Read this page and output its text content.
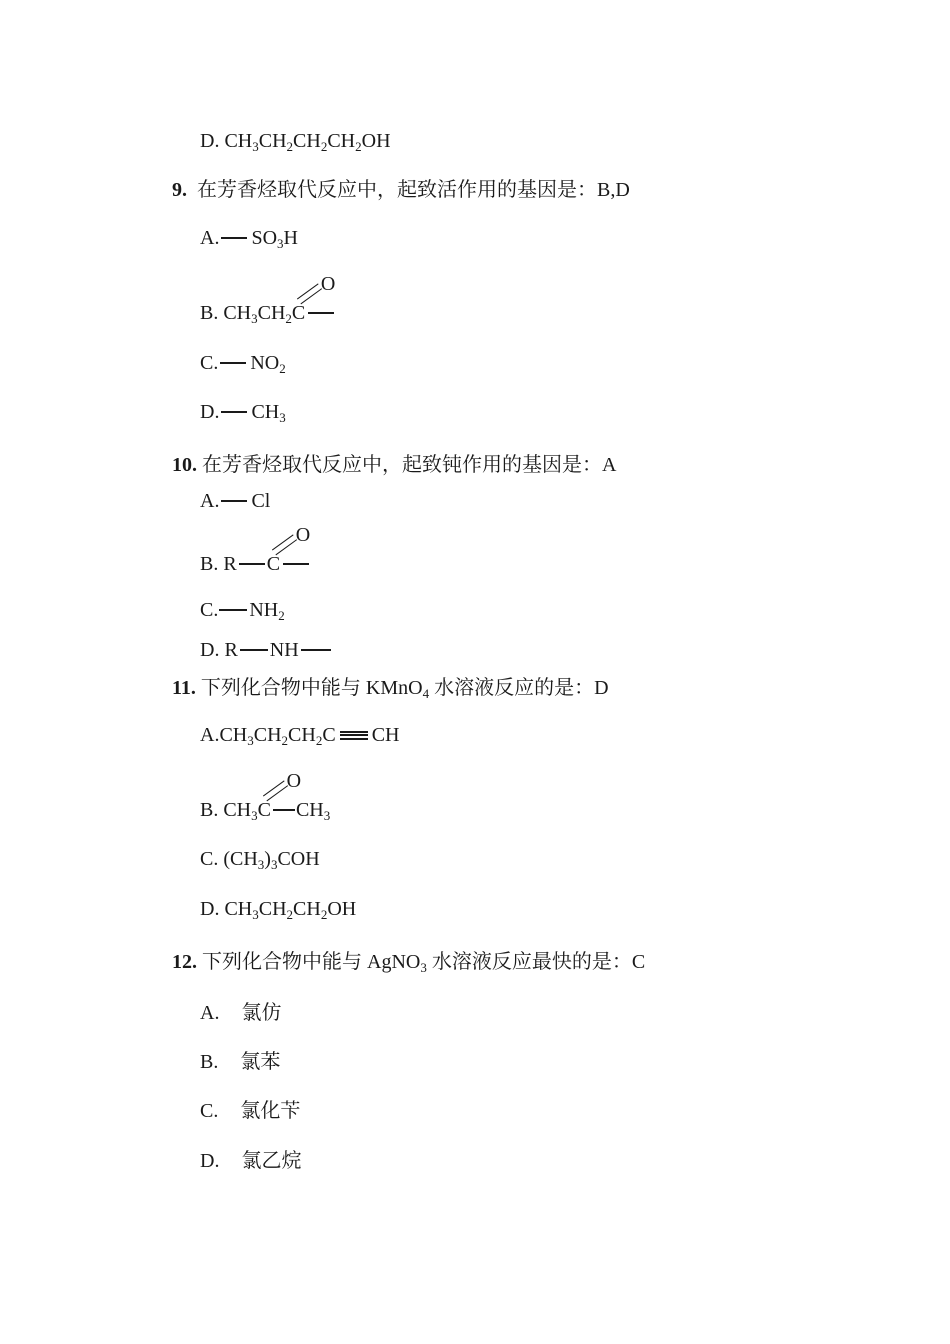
D. $CH_3CH_2CH_2CH_2OH$
9. 在芳香烃取代反应中，起致活作用的基因是：B,D
A. $SO_3H$
B. $CH_3CH_2C$
O
C. $NO_2$
D. $CH_3$
10. 在芳香烃取代反应中，起致钝作用的基因是：A
A. Cl
B. R C
O
C. $NH_2$
D. R NH
11. 下列化合物中能与 KMnO$_4$ 水溶液反应的是：D
$A.CH_3CH_2CH_2C$ CH
B. $CH_3C$
O
$CH_3$
C. $(CH_3)_3COH$
D. $CH_3CH_2CH_2OH$
12. 下列化合物中能与 AgNO$_3$ 水溶液反应最快的是：C
A. 氯仿
B. 氯苯
C. 氯化苄
D. 氯乙烷
